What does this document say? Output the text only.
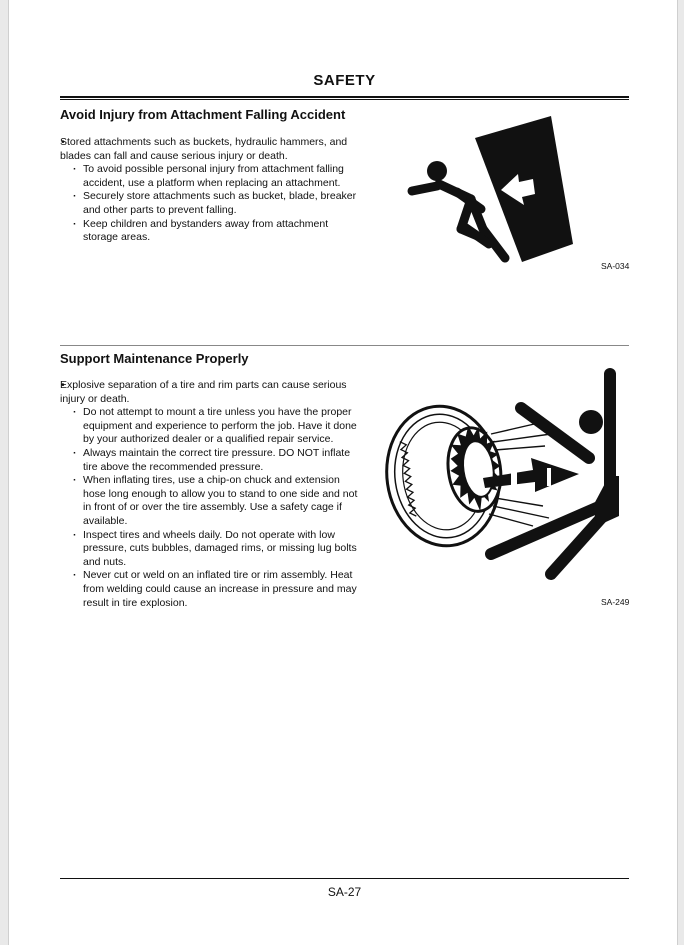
SAFETY
Avoid Injury from Attachment Falling Accident
• Stored attachments such as buckets, hydraulic hammers, and blades can fall and cause serious injury or death.
· To avoid possible personal injury from attachment falling accident, use a platform when replacing an attachment.
· Securely store attachments such as bucket, blade, breaker and other parts to prevent falling.
· Keep children and bystanders away from attachment storage areas.
SA-034
Support Maintenance Properly
• Explosive separation of a tire and rim parts can cause serious injury or death.
· Do not attempt to mount a tire unless you have the proper equipment and experience to perform the job. Have it done by your authorized dealer or a qualified repair service.
· Always maintain the correct tire pressure. DO NOT inflate tire above the recommended pressure.
· When inflating tires, use a chip-on chuck and extension hose long enough to allow you to stand to one side and not in front of or over the tire assembly. Use a safety cage if available.
· Inspect tires and wheels daily. Do not operate with low pressure, cuts bubbles, damaged rims, or missing lug bolts and nuts.
· Never cut or weld on an inflated tire or rim assembly. Heat from welding could cause an increase in pressure and may result in tire explosion.	SA-249
SA-27
